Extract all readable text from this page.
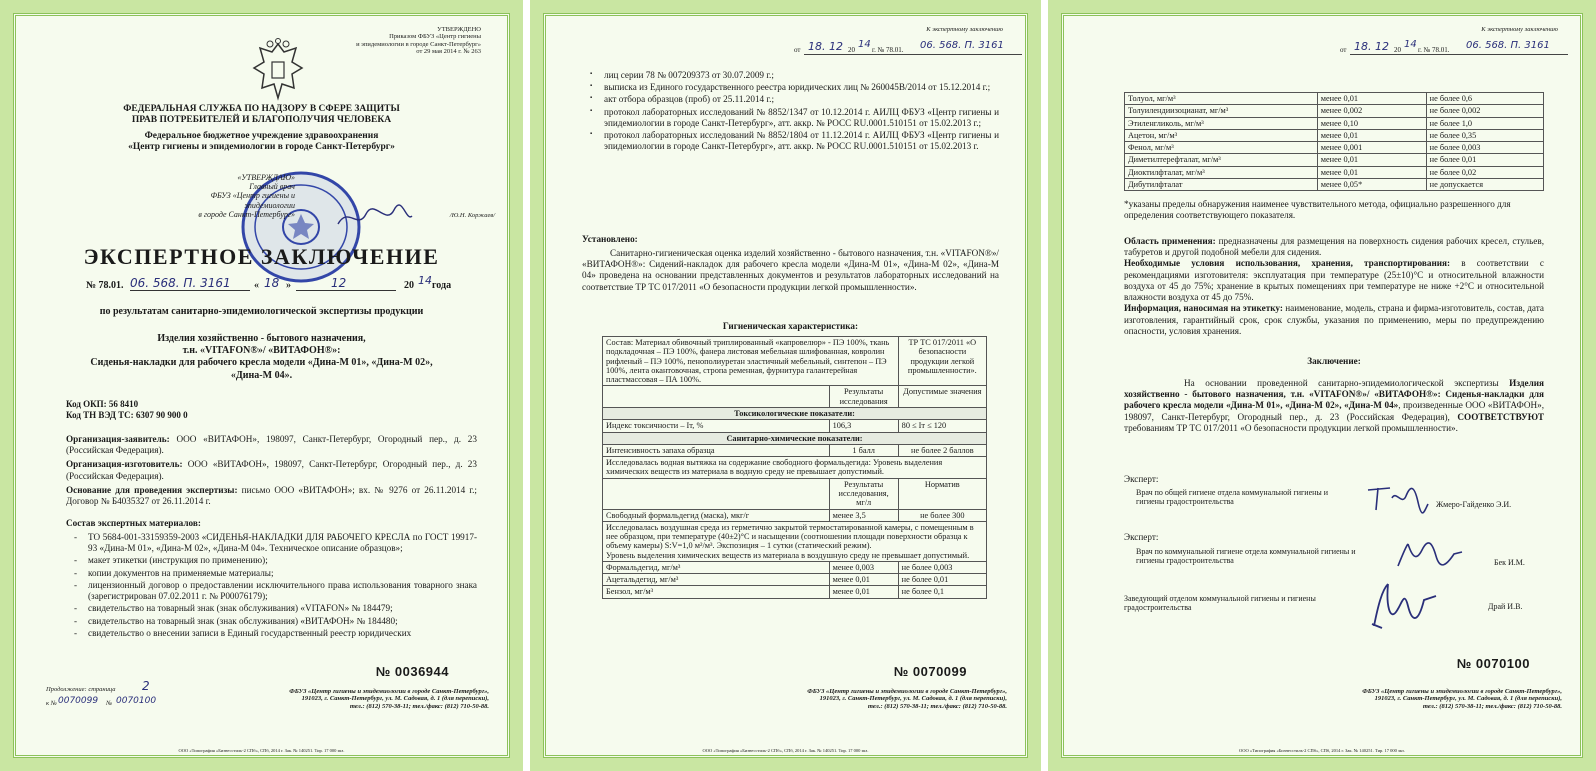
УТВЕРЖДЕНО
Приказом ФБУЗ «Центр гигиены
и эпидемиологии в городе Санкт-Петербург»
от 29 мая 2014 г. № 263
ФЕДЕРАЛЬНАЯ СЛУЖБА ПО НАДЗОРУ В СФЕРЕ ЗАЩИТЫ
ПРАВ ПОТРЕБИТЕЛЕЙ И БЛАГОПОЛУЧИЯ ЧЕЛОВЕКА
Федеральное бюджетное учреждение здравоохранения
«Центр гигиены и эпидемиологии в городе Санкт-Петербург»
«УТВЕРЖДАЮ»
Главный врач
ФБУЗ «Центр гигиены и эпидемиологии
в городе Санкт-Петербург»	/Ю.Н. Коржаев/
ЭКСПЕРТНОЕ ЗАКЛЮЧЕНИЕ
№ 78.01. 06. 568. П. 3161 « 18 »	12	20 14 года
по результатам санитарно-эпидемиологической экспертизы продукции
Изделия хозяйственно - бытового назначения,
т.н. «VITAFON®»/ «ВИТАФОН®»:
Сиденья-накладки для рабочего кресла модели «Дина-М 01», «Дина-М 02»,
«Дина-М 04».
Код ОКП: 56 8410
Код ТН ВЭД ТС: 6307 90 900 0
Организация-заявитель: ООО «ВИТАФОН», 198097, Санкт-Петербург, Огородный пер., д. 23 (Российская Федерация).
Организация-изготовитель: ООО «ВИТАФОН», 198097, Санкт-Петербург, Огородный пер., д. 23 (Российская Федерация).
Основание для проведения экспертизы: письмо ООО «ВИТАФОН»; вх. № 9276 от 26.11.2014 г.; Договор № Б4035327 от 26.11.2014 г.
Состав экспертных материалов:
- ТО 5684-001-33159359-2003 «СИДЕНЬЯ-НАКЛАДКИ ДЛЯ РАБОЧЕГО КРЕСЛА по ГОСТ 19917-93 «Дина-М 01», «Дина-М 02», «Дина-М 04». Техническое описание образцов»;
- макет этикетки (инструкция по применению);
- копии документов на применяемые материалы;
- лицензионный договор о предоставлении исключительного права использования товарного знака (зарегистрирован 07.02.2011 г. № Р00076179);
- свидетельство на товарный знак (знак обслуживания) «VITAFON» № 184479;
- свидетельство на товарный знак (знак обслуживания) «ВИТАФОН» № 184480;
- свидетельство о внесении записи в Единый государственный реестр юридических
№ 0036944
Продолжение: страница 2
к № 0070099 № 0070100
ФБУЗ «Центр гигиены и эпидемиологии в городе Санкт-Петербург»,
191023, г. Санкт-Петербург, ул. М. Садовая, д. 1 (для переписки),
тел.: (812) 570-38-11; тел./факс: (812) 710-50-88.
ООО «Типография «Бизнесстиль-2 СПб», СПб, 2014 г. Зак. № 140251. Тир. 17 000 экз.
К экспертному заключению
от 18. 12 20 14 г. № 78.01. 06. 568. П. 3161
▪ лиц серии 78 № 007209373 от 30.07.2009 г.;
▪ выписка из Единого государственного реестра юридических лиц № 260045В/2014 от 15.12.2014 г.;
▪ акт отбора образцов (проб) от 25.11.2014 г.;
▪ протокол лабораторных исследований № 8852/1347 от 10.12.2014 г. АИЛЦ ФБУЗ «Центр гигиены и эпидемиологии в городе Санкт-Петербург», атт. аккр. № РОСС RU.0001.510151 от 15.02.2013 г.;
▪ протокол лабораторных исследований № 8852/1804 от 11.12.2014 г. АИЛЦ ФБУЗ «Центр гигиены и эпидемиологии в городе Санкт-Петербург», атт. аккр. № РОСС RU.0001.510151 от 15.02.2013 г.
Установлено:
Санитарно-гигиеническая оценка изделий хозяйственно - бытового назначения, т.н. «VITAFON®»/ «ВИТАФОН®»: Сидений-накладок для рабочего кресла модели «Дина-М 01», «Дина-М 02», «Дина-М 04» проведена на основании представленных документов и результатов лабораторных исследований на соответствие ТР ТС 017/2011 «О безопасности продукции легкой промышленности».
Гигиеническая характеристика:
Состав: Материал обивочный триплированный «капровелюр» - ПЭ 100%, ткань подкладочная – ПЭ 100%, фанера листовая мебельная шлифованная, ковролин рифленый – ПЭ 100%, пенополиуретан эластичный мебельный, синтепон – ПЭ 100%, лента окантовочная, стропа ременная, фурнитура галантерейная пластмассовая – ПА 100%.		ТР ТС 017/2011 «О безопасности продукции легкой промышленности».
	Результаты исследования	Допустимые значения
Токсикологические показатели:		
Индекс токсичности – Iт, %	106,3	80 ≤ Iт ≤ 120
Санитарно-химические показатели:		
Интенсивность запаха образца	1 балл	не более 2 баллов
Исследовалась водная вытяжка на содержание свободного формальдегида: Уровень выделения химических веществ из материала в водную среду не превышает допустимый.		
	Результаты исследования, мг/л	Норматив
Свободный формальдегид (маска), мкг/г	менее 3,5	не более 300

Исследовалась воздушная среда из герметично закрытой термостатированной камеры, с помещенным в нее образцом, при температуре (40±2)°С и насыщении (соотношении площади поверхности образца к объему камеры) S:V=1,0 м²/м³. Экспозиция – 1 сутки (статический режим).
Уровень выделения химических веществ из материала в воздушную среду не превышает допустимый.		

Формальдегид, мг/м³	менее 0,003	не более 0,003
Ацетальдегид, мг/м³	менее 0,01	не более 0,01
Бензол, мг/м³	менее 0,01	не более 0,1
№ 0070099
ФБУЗ «Центр гигиены и эпидемиологии в городе Санкт-Петербург»,
191023, г. Санкт-Петербург, ул. М. Садовая, д. 1 (для переписки),
тел.: (812) 570-38-11; тел./факс: (812) 710-50-88.
ООО «Типография «Бизнесстиль-2 СПб», СПб, 2014 г. Зак. № 140251. Тир. 17 000 экз.
К экспертному заключению
от 18. 12 20 14 г. № 78.01. 06. 568. П. 3161
Толуол, мг/м³	менее 0,01	не более 0,6
Толуилендиизоцианат, мг/м³	менее 0,002	не более 0,002
Этиленгликоль, мг/м³	менее 0,10	не более 1,0
Ацетон, мг/м³	менее 0,01	не более 0,35
Фенол, мг/м³	менее 0,001	не более 0,003
Диметилтерефталат, мг/м³	менее 0,01	не более 0,01
Диоктилфталат, мг/м³	менее 0,01	не более 0,02
Дибутилфталат	менее 0,05*	не допускается
*указаны пределы обнаружения наименее чувствительного метода, официально разрешенного для определения соответствующего показателя.
Область применения: предназначены для размещения на поверхность сидения рабочих кресел, стульев, табуретов и другой подобной мебели для сидения.
Необходимые условия использования, хранения, транспортирования: в соответствии с рекомендациями изготовителя: эксплуатация при температуре (25±10)°С и относительной влажности воздуха от 45 до 75%; хранение в крытых помещениях при температуре не ниже +2°С и относительной влажности воздуха от 45 до 75%.
Информация, наносимая на этикетку: наименование, модель, страна и фирма-изготовитель, состав, дата изготовления, гарантийный срок, срок службы, указания по применению, меры по предупреждению опасности, условия хранения.
Заключение:
На основании проведенной санитарно-эпидемиологической экспертизы Изделия хозяйственно - бытового назначения, т.н. «VITAFON®»/ «ВИТАФОН®»: Сиденья-накладки для рабочего кресла модели «Дина-М 01», «Дина-М 02», «Дина-М 04», произведенные ООО «ВИТАФОН», 198097, Санкт-Петербург, Огородный пер., д. 23 (Российская Федерация), СООТВЕТСТВУЮТ требованиям ТР ТС 017/2011 «О безопасности продукции легкой промышленности».
Эксперт:
Врач по общей гигиене отдела коммунальной гигиены и гигиены градостроительства	Жмеро-Гайденко Э.И.
Эксперт:
Врач по коммунальной гигиене отдела коммунальной гигиены и гигиены градостроительства	Бек И.М.
Заведующий отделом коммунальной гигиены и гигиены градостроительства	Драй И.В.
№ 0070100
ФБУЗ «Центр гигиены и эпидемиологии в городе Санкт-Петербург»,
191023, г. Санкт-Петербург, ул. М. Садовая, д. 1 (для переписки),
тел.: (812) 570-38-11; тел./факс: (812) 710-50-88.
ООО «Типография «Бизнесстиль-2 СПб», СПб, 2014 г. Зак. № 140251. Тир. 17 000 экз.
